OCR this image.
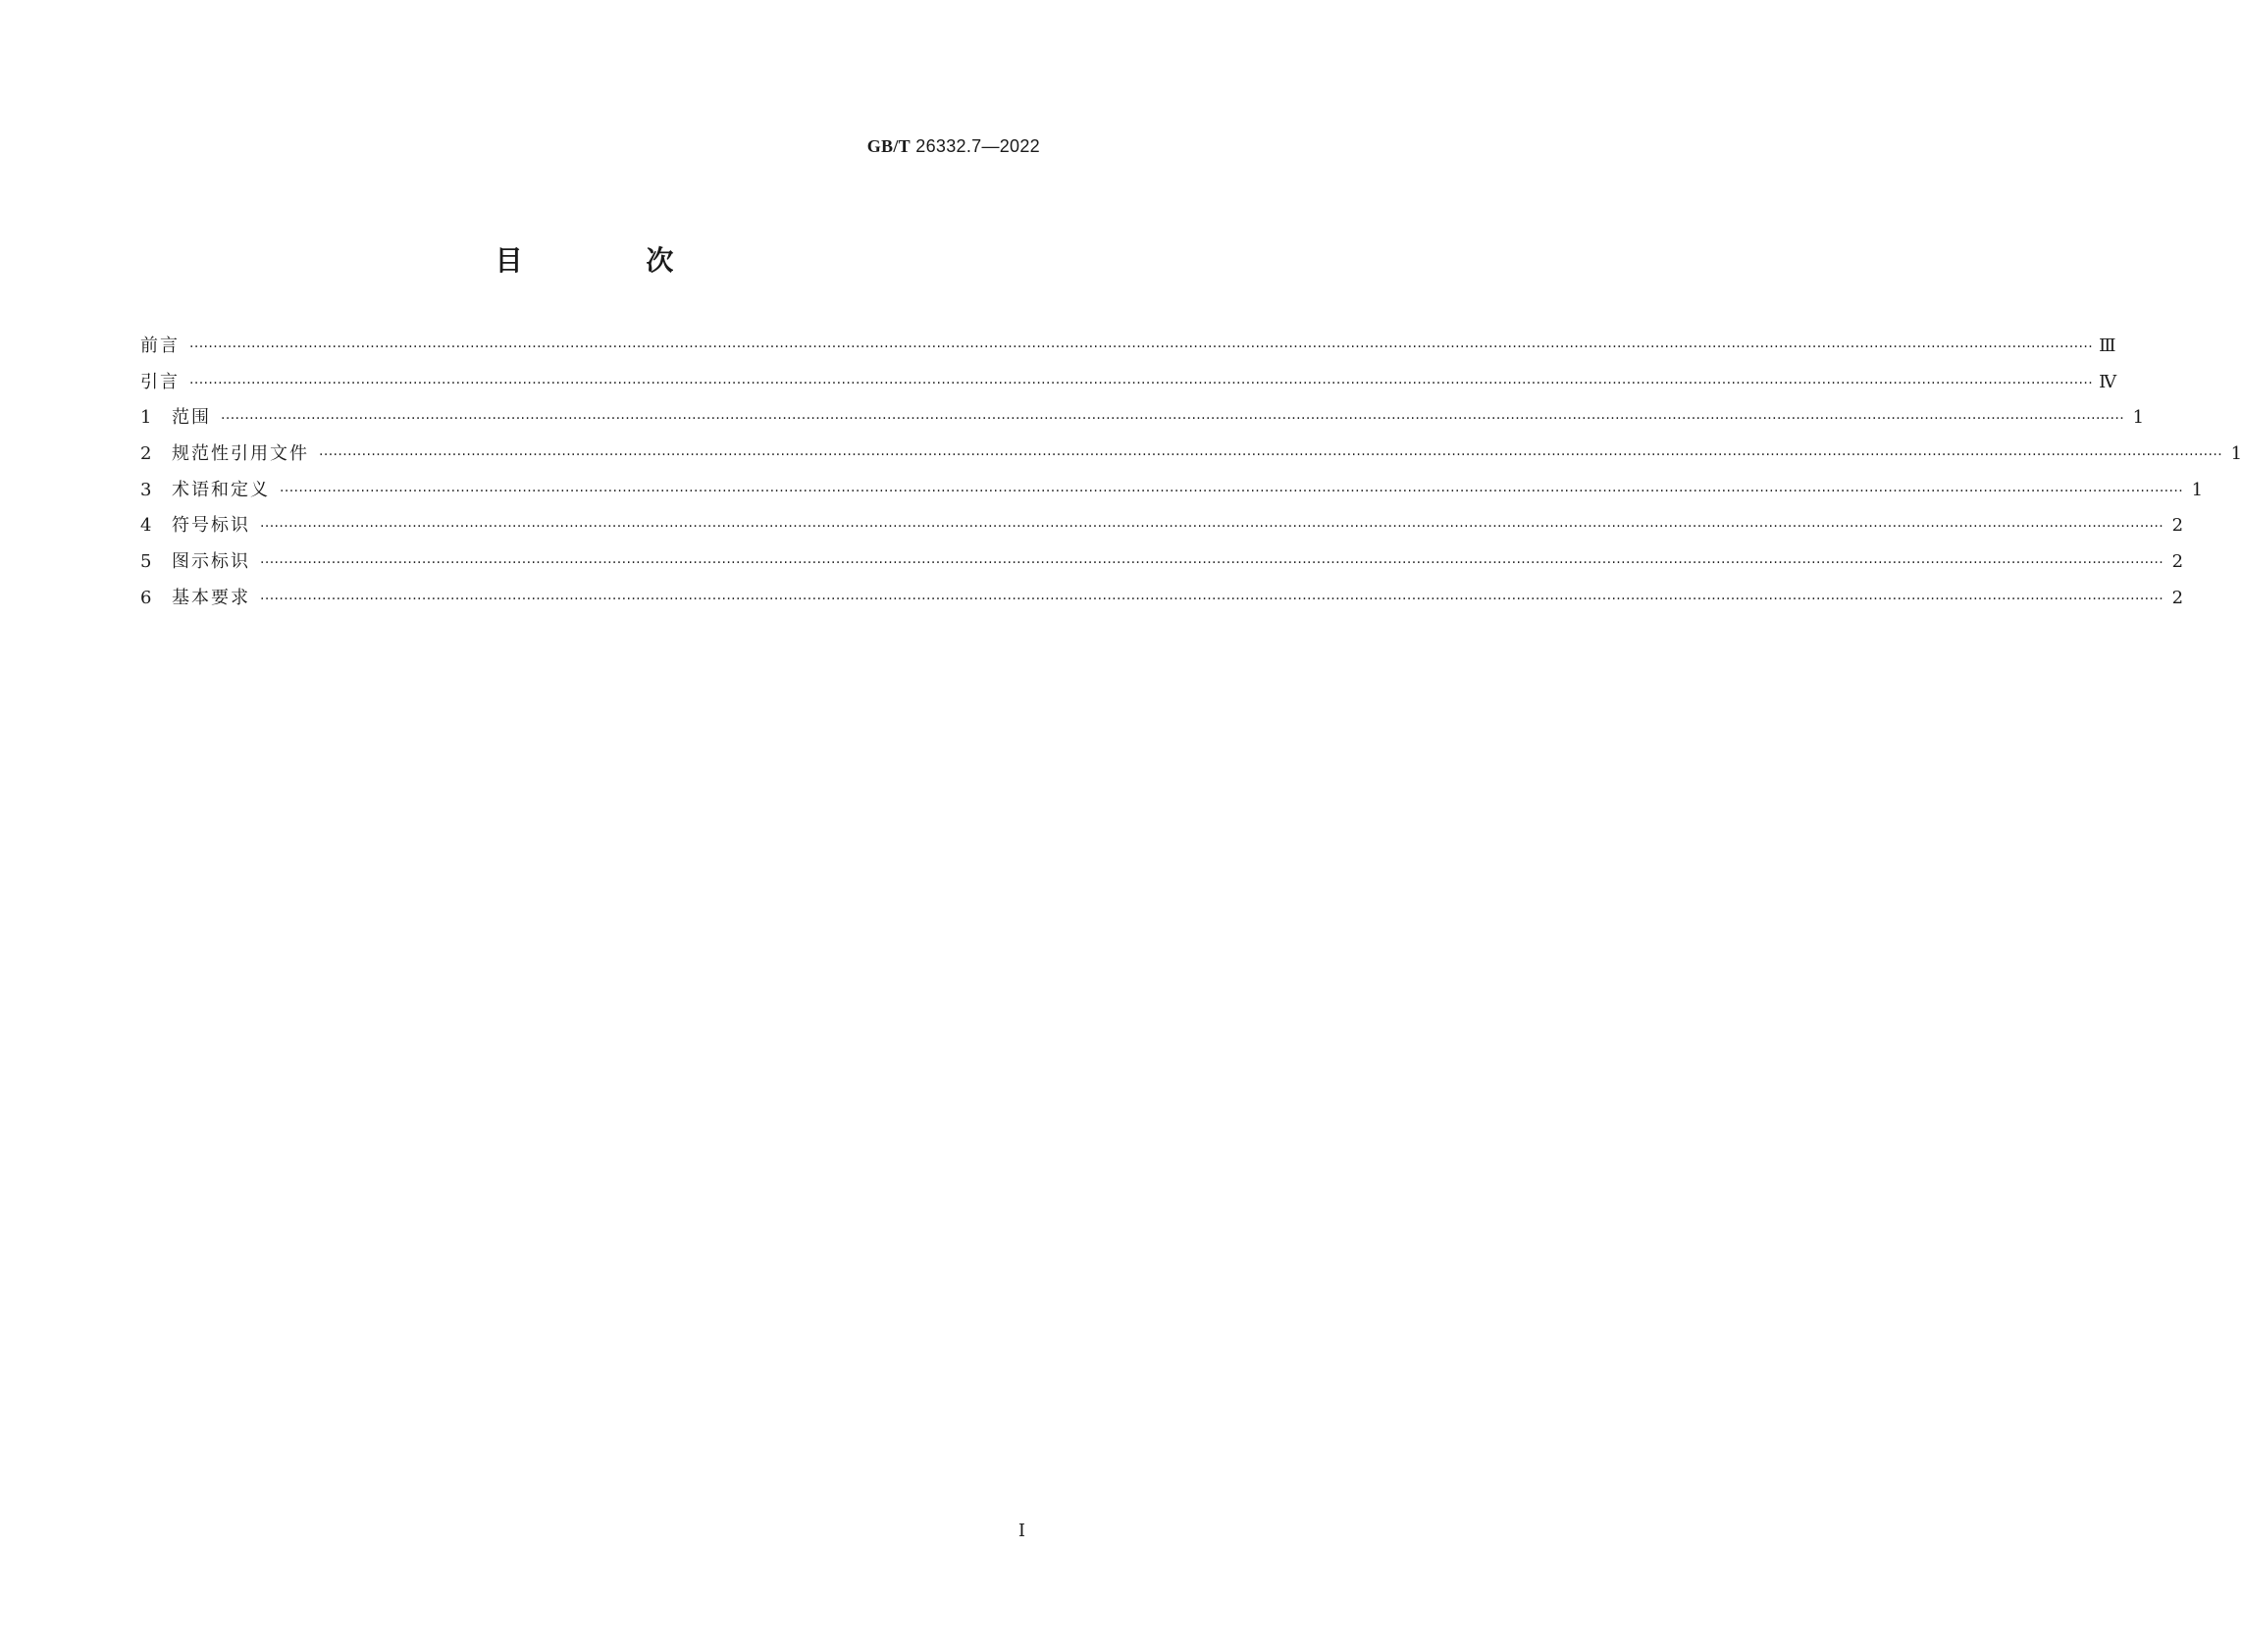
GB/T 26332.7—2022
目 次
前言 ················································································································································································································································································································································································································ Ⅲ
引言 ················································································································································································································································································································································································································ Ⅳ
1	范围 ················································································································································································································································································································································································································ 1
2	规范性引用文件 ················································································································································································································································································································································································································ 1
3	术语和定义 ················································································································································································································································································································································································································ 1
4	符号标识 ················································································································································································································································································································································································································ 2
5	图示标识 ················································································································································································································································································································································································································ 2
6	基本要求 ················································································································································································································································································································································································································ 2
Ⅰ
